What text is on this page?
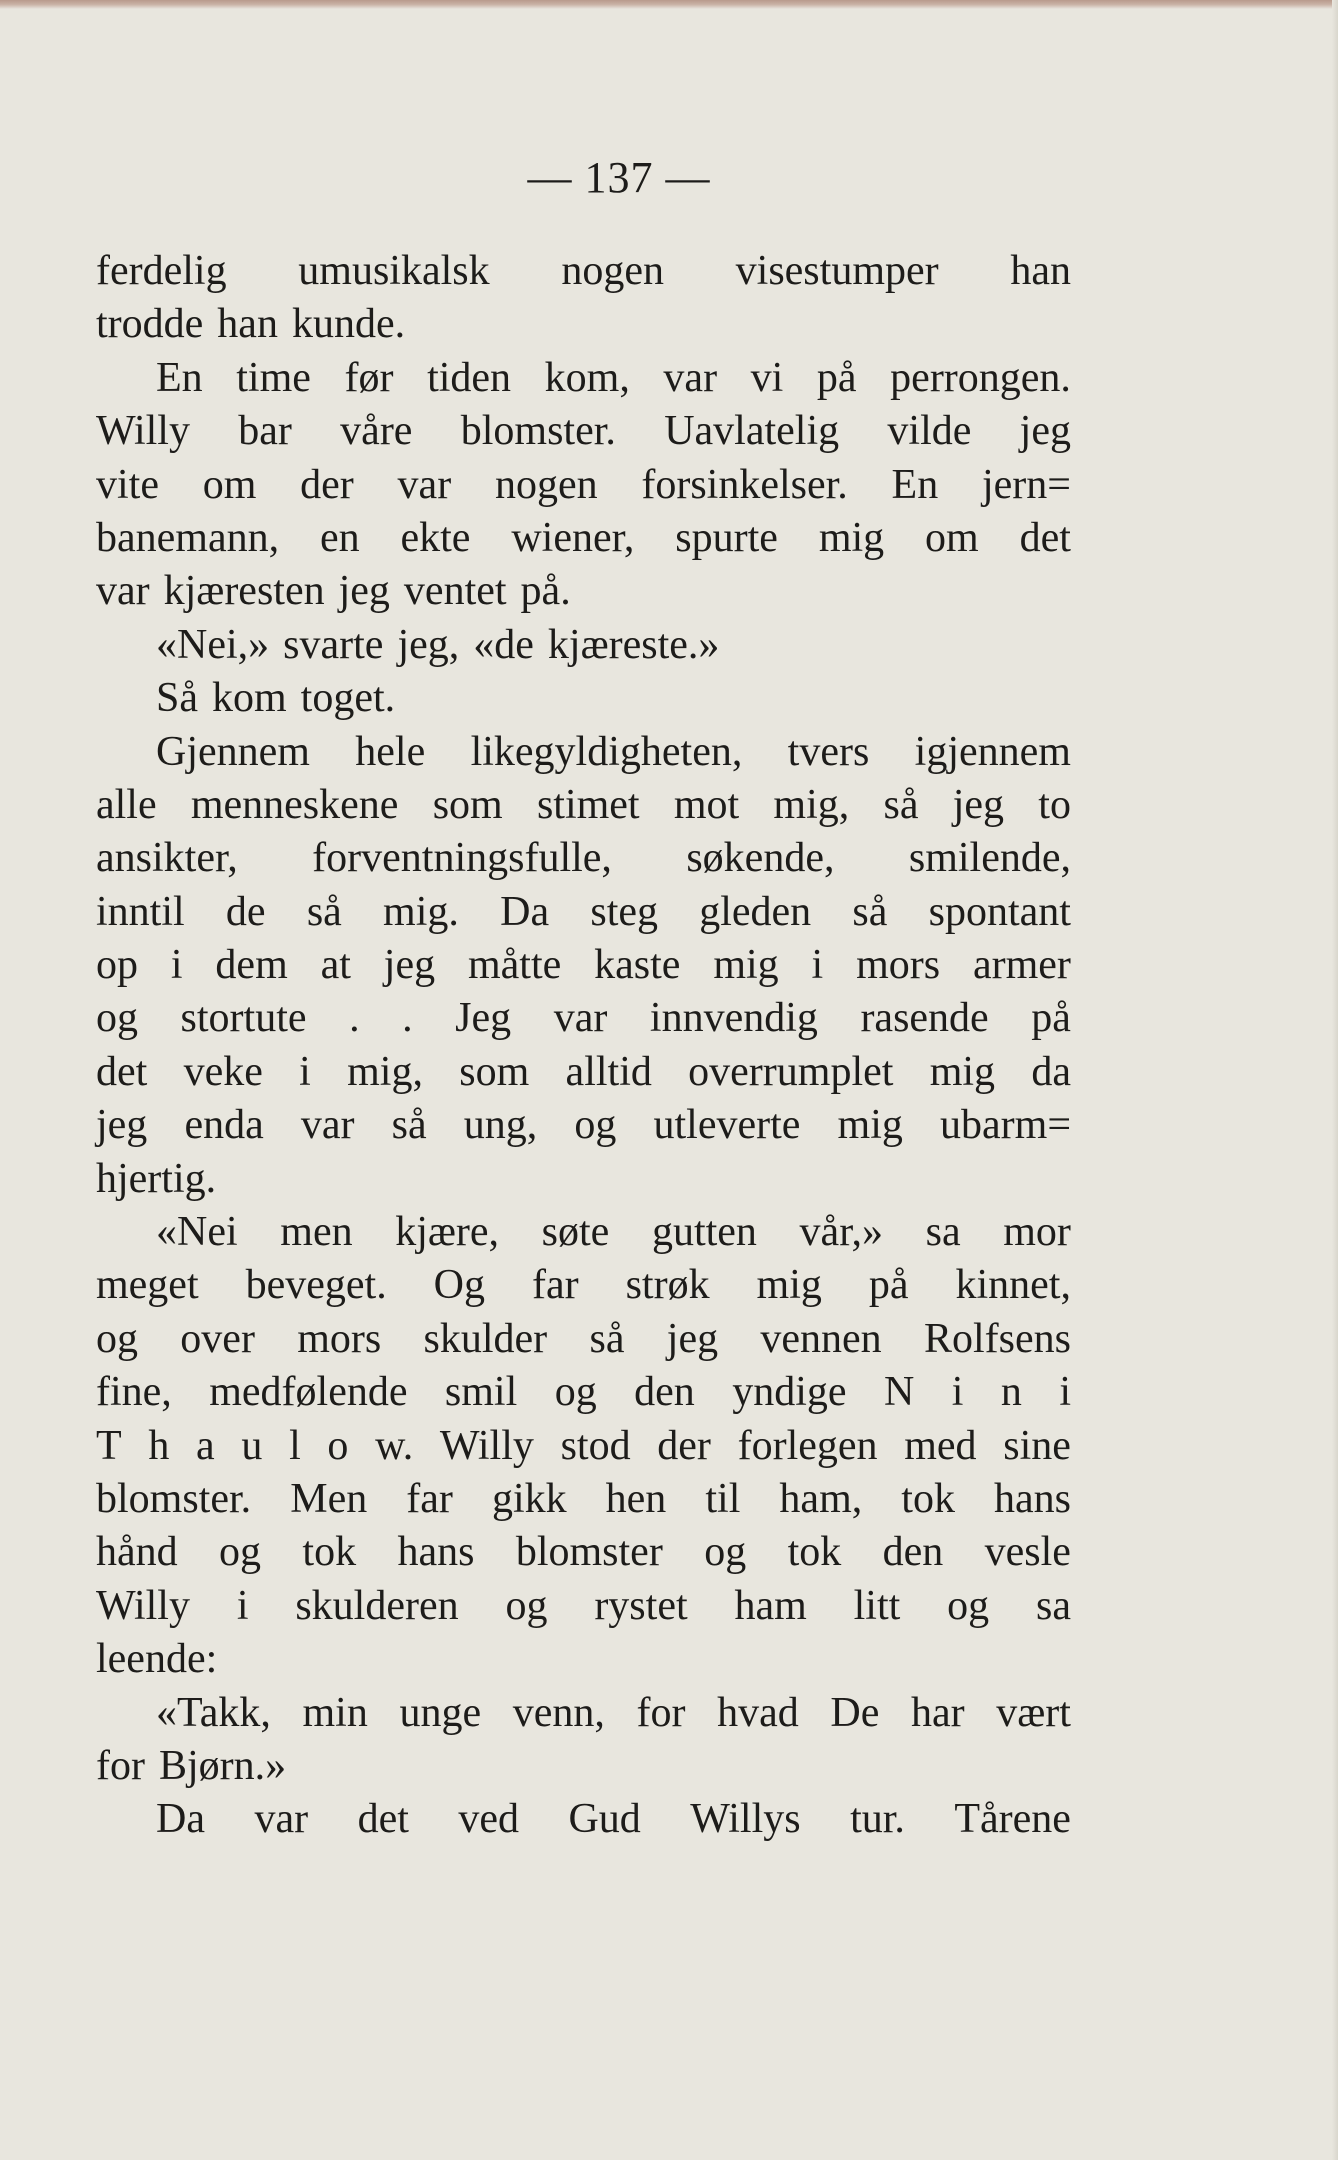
— 137 —
ferdelig umusikalsk nogen visestumper han
trodde han kunde.
En time før tiden kom, var vi på perrongen.
Willy bar våre blomster. Uavlatelig vilde jeg
vite om der var nogen forsinkelser. En jern=
banemann, en ekte wiener, spurte mig om det
var kjæresten jeg ventet på.
«Nei,» svarte jeg, «de kjæreste.»
Så kom toget.
Gjennem hele likegyldigheten, tvers igjennem
alle menneskene som stimet mot mig, så jeg to
ansikter, forventningsfulle, søkende, smilende,
inntil de så mig. Da steg gleden så spontant
op i dem at jeg måtte kaste mig i mors armer
og stortute . . Jeg var innvendig rasende på
det veke i mig, som alltid overrumplet mig da
jeg enda var så ung, og utleverte mig ubarm=
hjertig.
«Nei men kjære, søte gutten vår,» sa mor
meget beveget. Og far strøk mig på kinnet,
og over mors skulder så jeg vennen Rolfsens
fine, medfølende smil og den yndige N i n i
T h a u l o w. Willy stod der forlegen med sine
blomster. Men far gikk hen til ham, tok hans
hånd og tok hans blomster og tok den vesle
Willy i skulderen og rystet ham litt og sa
leende:
«Takk, min unge venn, for hvad De har vært
for Bjørn.»
Da var det ved Gud Willys tur. Tårene
